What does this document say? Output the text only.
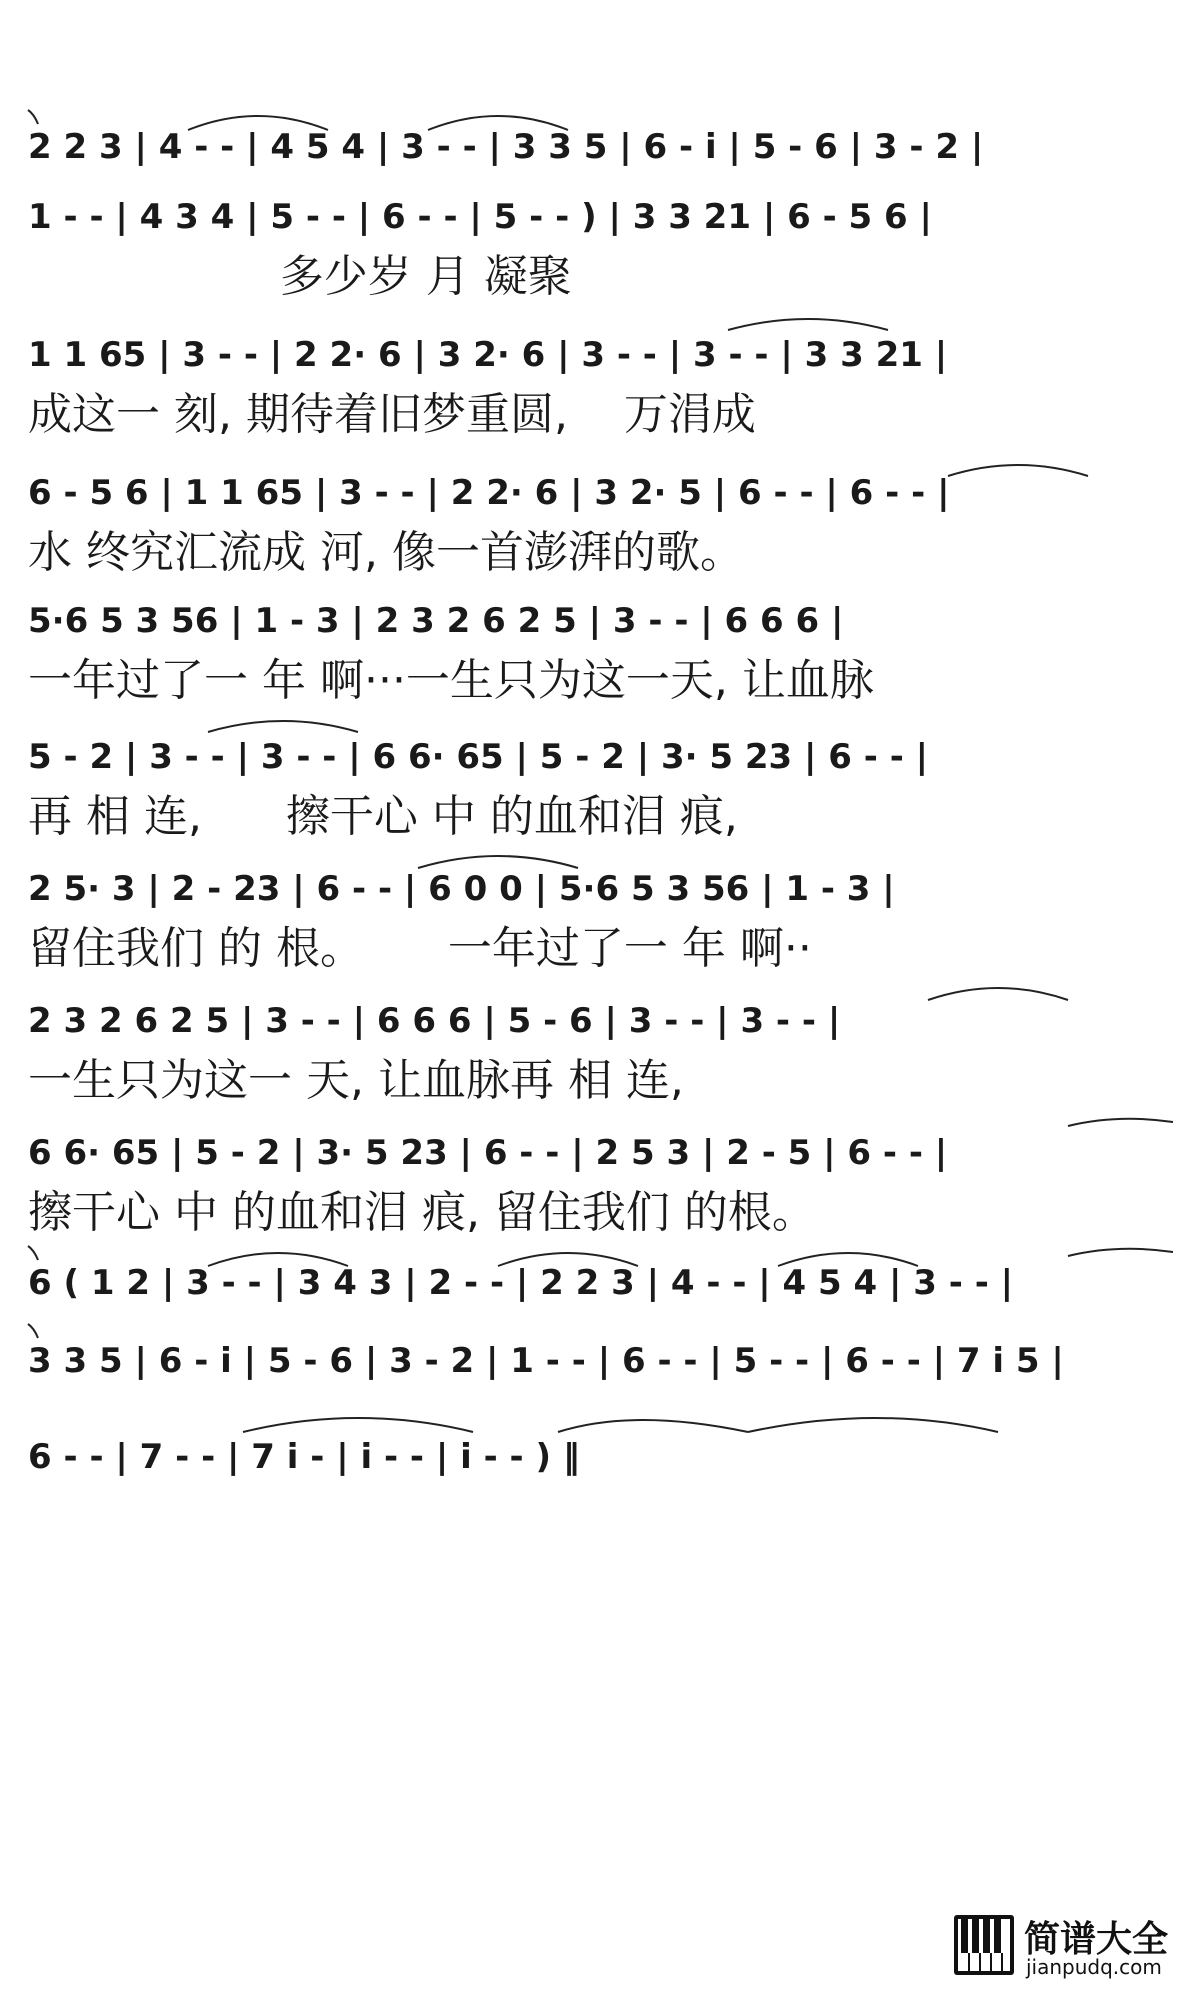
2 2 3 | 4 - - | 4 5 4 | 3 - - | 3 3 5 | 6 - i | 5 - 6 | 3 - 2 |
1 - - | 4 3 4 | 5 - - | 6 - - | 5 - - ) | 3 3 21 | 6 - 5 6 |

多少岁 月 凝聚

1 1 65 | 3 - - | 2 2· 6 | 3 2· 6 | 3 - - | 3 - - | 3 3 21 |

成这一 刻, 期待着旧梦重圆,    万涓成

6 - 5 6 | 1 1 65 | 3 - - | 2 2· 6 | 3 2· 5 | 6 - - | 6 - - |

水 终究汇流成 河, 像一首澎湃的歌。

5·6 5 3 56 | 1 - 3 | 2 3 2 6 2 5 | 3 - - | 6 6 6 |

一年过了一 年 啊···一生只为这一天, 让血脉

5 - 2 | 3 - - | 3 - - | 6 6· 65 | 5 - 2 | 3· 5 23 | 6 - - |

再 相 连,      擦干心 中 的血和泪 痕,

2 5· 3 | 2 - 23 | 6 - - | 6 0 0 | 5·6 5 3 56 | 1 - 3 |

留住我们 的 根。      一年过了一 年 啊··

2 3 2 6 2 5 | 3 - - | 6 6 6 | 5 - 6 | 3 - - | 3 - - |

一生只为这一 天, 让血脉再 相 连,

6 6· 65 | 5 - 2 | 3· 5 23 | 6 - - | 2 5 3 | 2 - 5 | 6 - - |

擦干心 中 的血和泪 痕, 留住我们 的根。

6 ( 1 2 | 3 - - | 3 4 3 | 2 - - | 2 2 3 | 4 - - | 4 5 4 | 3 - - |
3 3 5 | 6 - i | 5 - 6 | 3 - 2 | 1 - - | 6 - - | 5 - - | 6 - - | 7 i 5 |
6 - - | 7 - - | 7 i - | i - - | i - - ) ‖
简谱大全
jianpudq.com
